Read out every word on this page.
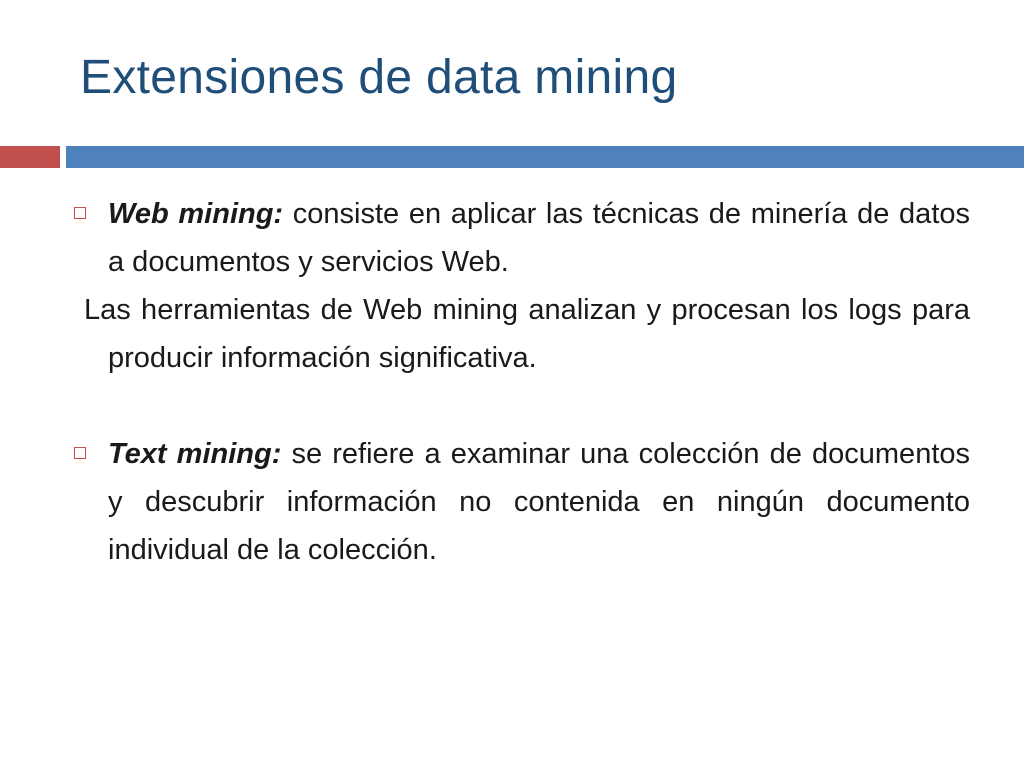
Extensiones de data mining

Web mining: consiste en aplicar las técnicas de minería de datos a documentos y servicios Web.

Las herramientas de Web mining analizan y procesan los logs para producir información significativa.

Text mining: se refiere a examinar una colección de documentos y descubrir información no contenida en ningún documento individual de la colección.
